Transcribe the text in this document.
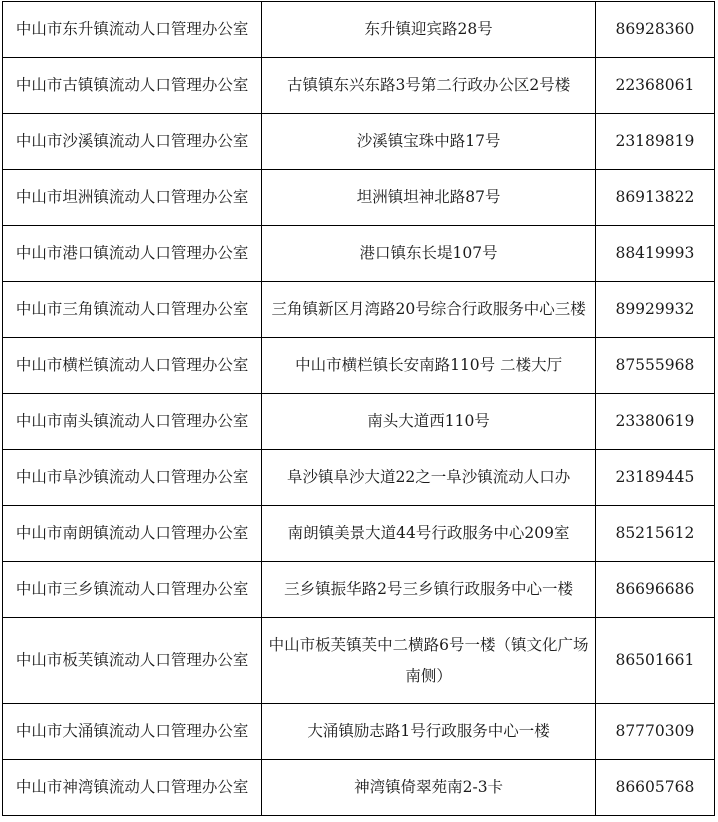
中山市东升镇流动人口管理办公室	东升镇迎宾路28号	86928360
中山市古镇镇流动人口管理办公室	古镇镇东兴东路3号第二行政办公区2号楼	22368061
中山市沙溪镇流动人口管理办公室	沙溪镇宝珠中路17号	23189819
中山市坦洲镇流动人口管理办公室	坦洲镇坦神北路87号	86913822
中山市港口镇流动人口管理办公室	港口镇东长堤107号	88419993
中山市三角镇流动人口管理办公室	三角镇新区月湾路20号综合行政服务中心三楼	89929932
中山市横栏镇流动人口管理办公室	中山市横栏镇长安南路110号 二楼大厅	87555968
中山市南头镇流动人口管理办公室	南头大道西110号	23380619
中山市阜沙镇流动人口管理办公室	阜沙镇阜沙大道22之一阜沙镇流动人口办	23189445
中山市南朗镇流动人口管理办公室	南朗镇美景大道44号行政服务中心209室	85215612
中山市三乡镇流动人口管理办公室	三乡镇振华路2号三乡镇行政服务中心一楼	86696686
中山市板芙镇流动人口管理办公室	中山市板芙镇芙中二横路6号一楼（镇文化广场南侧）	86501661
中山市大涌镇流动人口管理办公室	大涌镇励志路1号行政服务中心一楼	87770309
中山市神湾镇流动人口管理办公室	神湾镇倚翠苑南2-3卡	86605768
